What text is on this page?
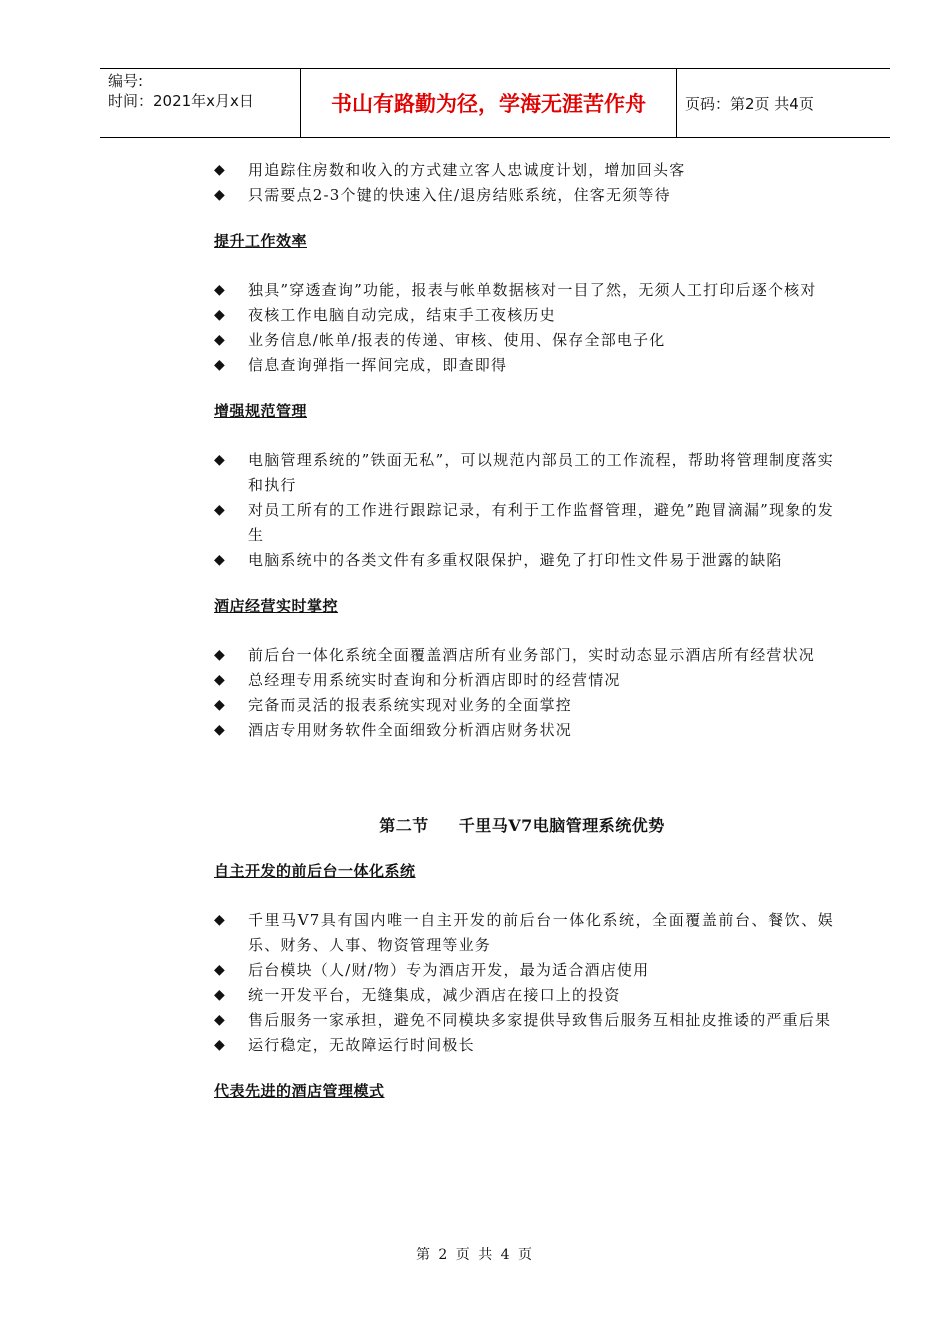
编号:
时间：2021年x月x日	书山有路勤为径，学海无涯苦作舟	页码：第2页 共4页
◆ 用追踪住房数和收入的方式建立客人忠诚度计划，增加回头客
◆ 只需要点2-3个键的快速入住/退房结账系统，住客无须等待
提升工作效率
◆ 独具”穿透查询”功能，报表与帐单数据核对一目了然，无须人工打印后逐个核对
◆ 夜核工作电脑自动完成，结束手工夜核历史
◆ 业务信息/帐单/报表的传递、审核、使用、保存全部电子化
◆ 信息查询弹指一挥间完成，即查即得
增强规范管理
◆ 电脑管理系统的”铁面无私”，可以规范内部员工的工作流程，帮助将管理制度落实和执行
◆ 对员工所有的工作进行跟踪记录，有利于工作监督管理，避免”跑冒滴漏”现象的发生
◆ 电脑系统中的各类文件有多重权限保护，避免了打印性文件易于泄露的缺陷
酒店经营实时掌控
◆ 前后台一体化系统全面覆盖酒店所有业务部门，实时动态显示酒店所有经营状况
◆ 总经理专用系统实时查询和分析酒店即时的经营情况
◆ 完备而灵活的报表系统实现对业务的全面掌控
◆ 酒店专用财务软件全面细致分析酒店财务状况
第二节 千里马V7电脑管理系统优势
自主开发的前后台一体化系统
◆ 千里马V7具有国内唯一自主开发的前后台一体化系统，全面覆盖前台、餐饮、娱乐、财务、人事、物资管理等业务
◆ 后台模块（人/财/物）专为酒店开发，最为适合酒店使用
◆ 统一开发平台，无缝集成，减少酒店在接口上的投资
◆ 售后服务一家承担，避免不同模块多家提供导致售后服务互相扯皮推诿的严重后果
◆ 运行稳定，无故障运行时间极长
代表先进的酒店管理模式
第 2 页 共 4 页
